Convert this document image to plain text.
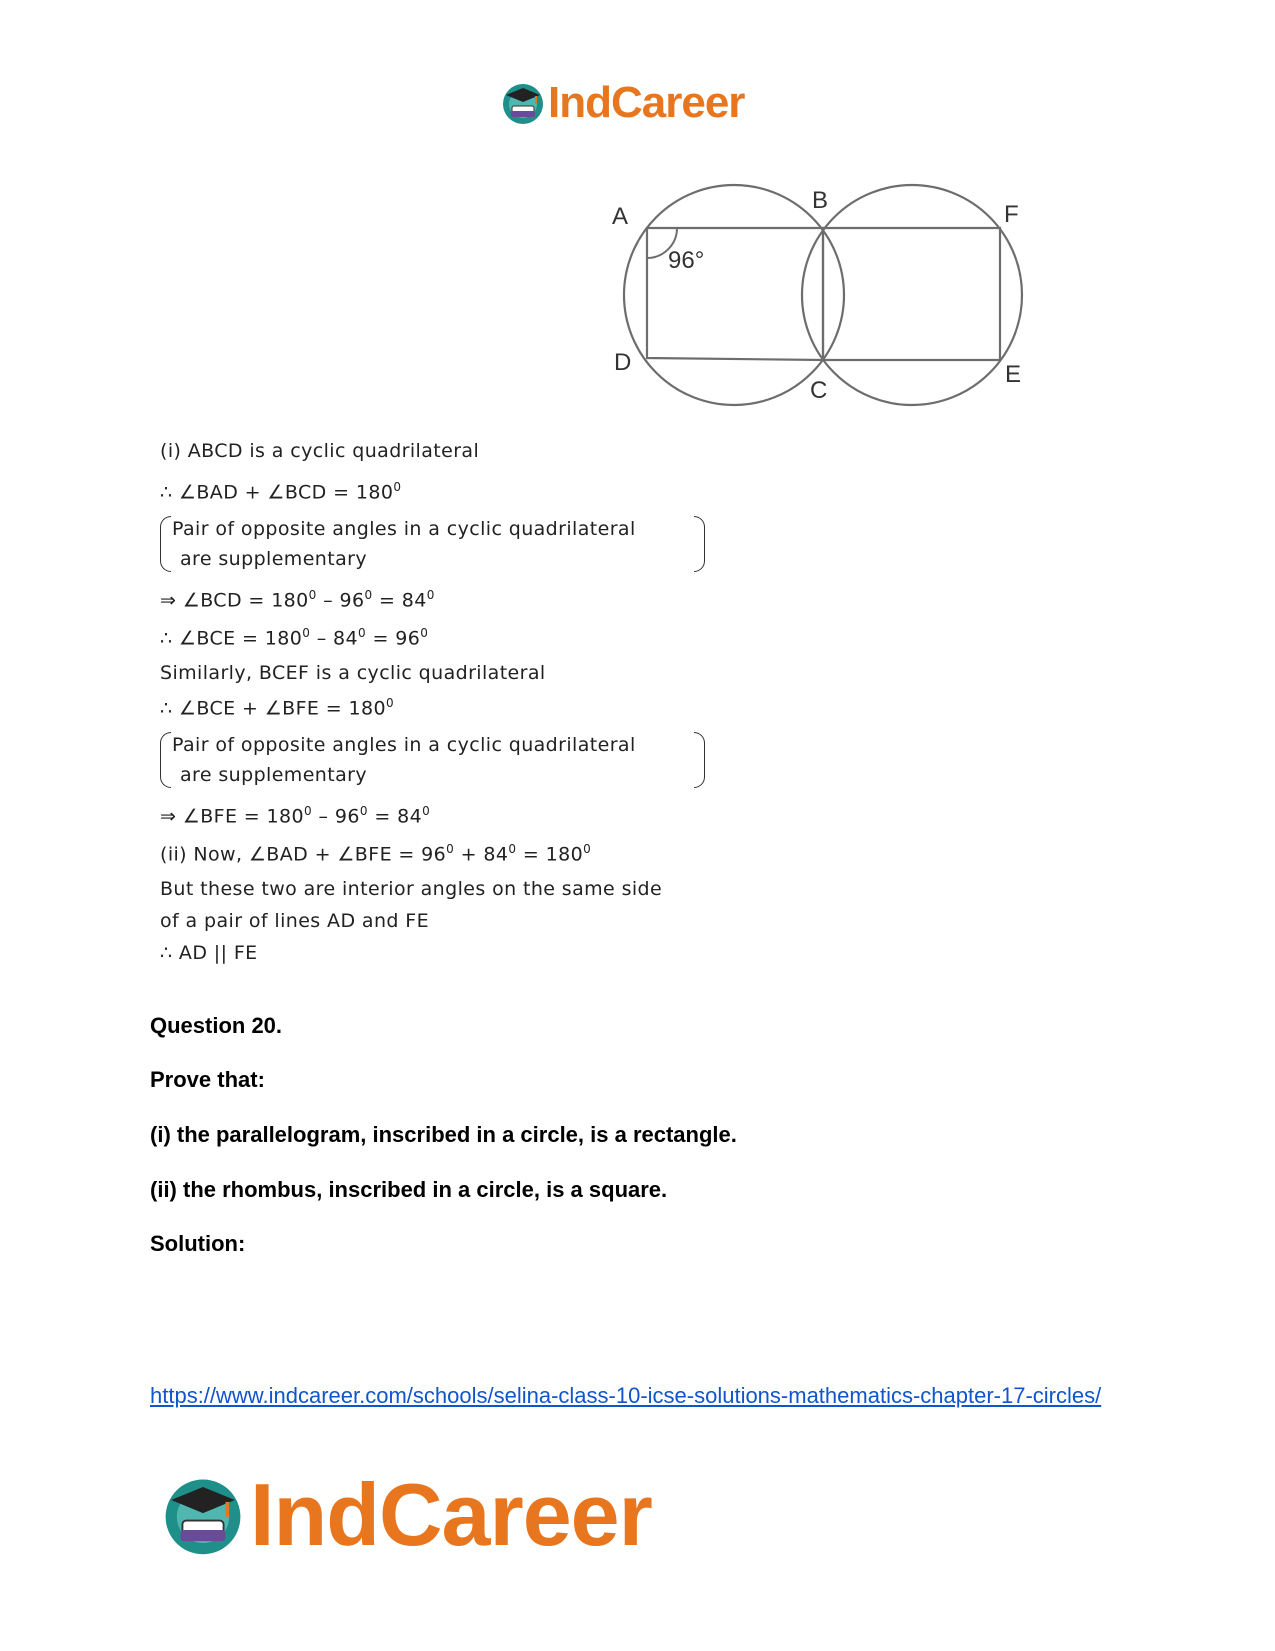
IndCareer
A
B
F
D
C
E
96°
(i) ABCD is a cyclic quadrilateral
∴ ∠BAD + ∠BCD = $180^0$
Pair of opposite angles in a cyclic quadrilateral
are supplementary
⇒ ∠BCD = $180^0 - 96^0 = 84^0$
∴ ∠BCE = $180^0 - 84^0 = 96^0$
Similarly, BCEF is a cyclic quadrilateral
∴ ∠BCE + ∠BFE = $180^0$
Pair of opposite angles in a cyclic quadrilateral
are supplementary
⇒ ∠BFE = $180^0 - 96^0 = 84^0$
(ii) Now, ∠BAD + ∠BFE = $96^0 + 84^0 = 180^0$
But these two are interior angles on the same side
of a pair of lines AD and FE
∴ AD || FE
Question 20.
Prove that:
(i) the parallelogram, inscribed in a circle, is a rectangle.
(ii) the rhombus, inscribed in a circle, is a square.
Solution:
https://www.indcareer.com/schools/selina-class-10-icse-solutions-mathematics-chapter-17-circles/
IndCareer
